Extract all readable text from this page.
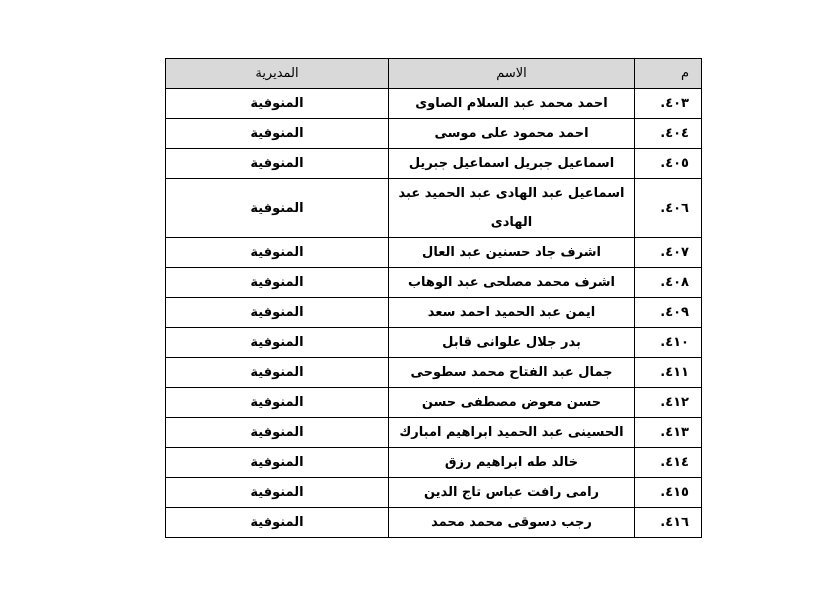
م	الاسم	المديرية
٤٠٣.	احمد محمد عبد السلام الصاوى	المنوفية
٤٠٤.	احمد محمود على موسى	المنوفية
٤٠٥.	اسماعيل جبريل اسماعيل جبريل	المنوفية
٤٠٦.	اسماعيل عبد الهادى عبد الحميد عبد الهادى	المنوفية
٤٠٧.	اشرف جاد حسنين عبد العال	المنوفية
٤٠٨.	اشرف محمد مصلحى عبد الوهاب	المنوفية
٤٠٩.	ايمن عبد الحميد احمد سعد	المنوفية
٤١٠.	بدر جلال علوانى قابل	المنوفية
٤١١.	جمال عبد الفتاح محمد سطوحى	المنوفية
٤١٢.	حسن معوض مصطفى حسن	المنوفية
٤١٣.	الحسينى عبد الحميد ابراهيم امبارك	المنوفية
٤١٤.	خالد طه ابراهيم رزق	المنوفية
٤١٥.	رامى رافت عباس تاج الدين	المنوفية
٤١٦.	رجب دسوقى محمد محمد	المنوفية
